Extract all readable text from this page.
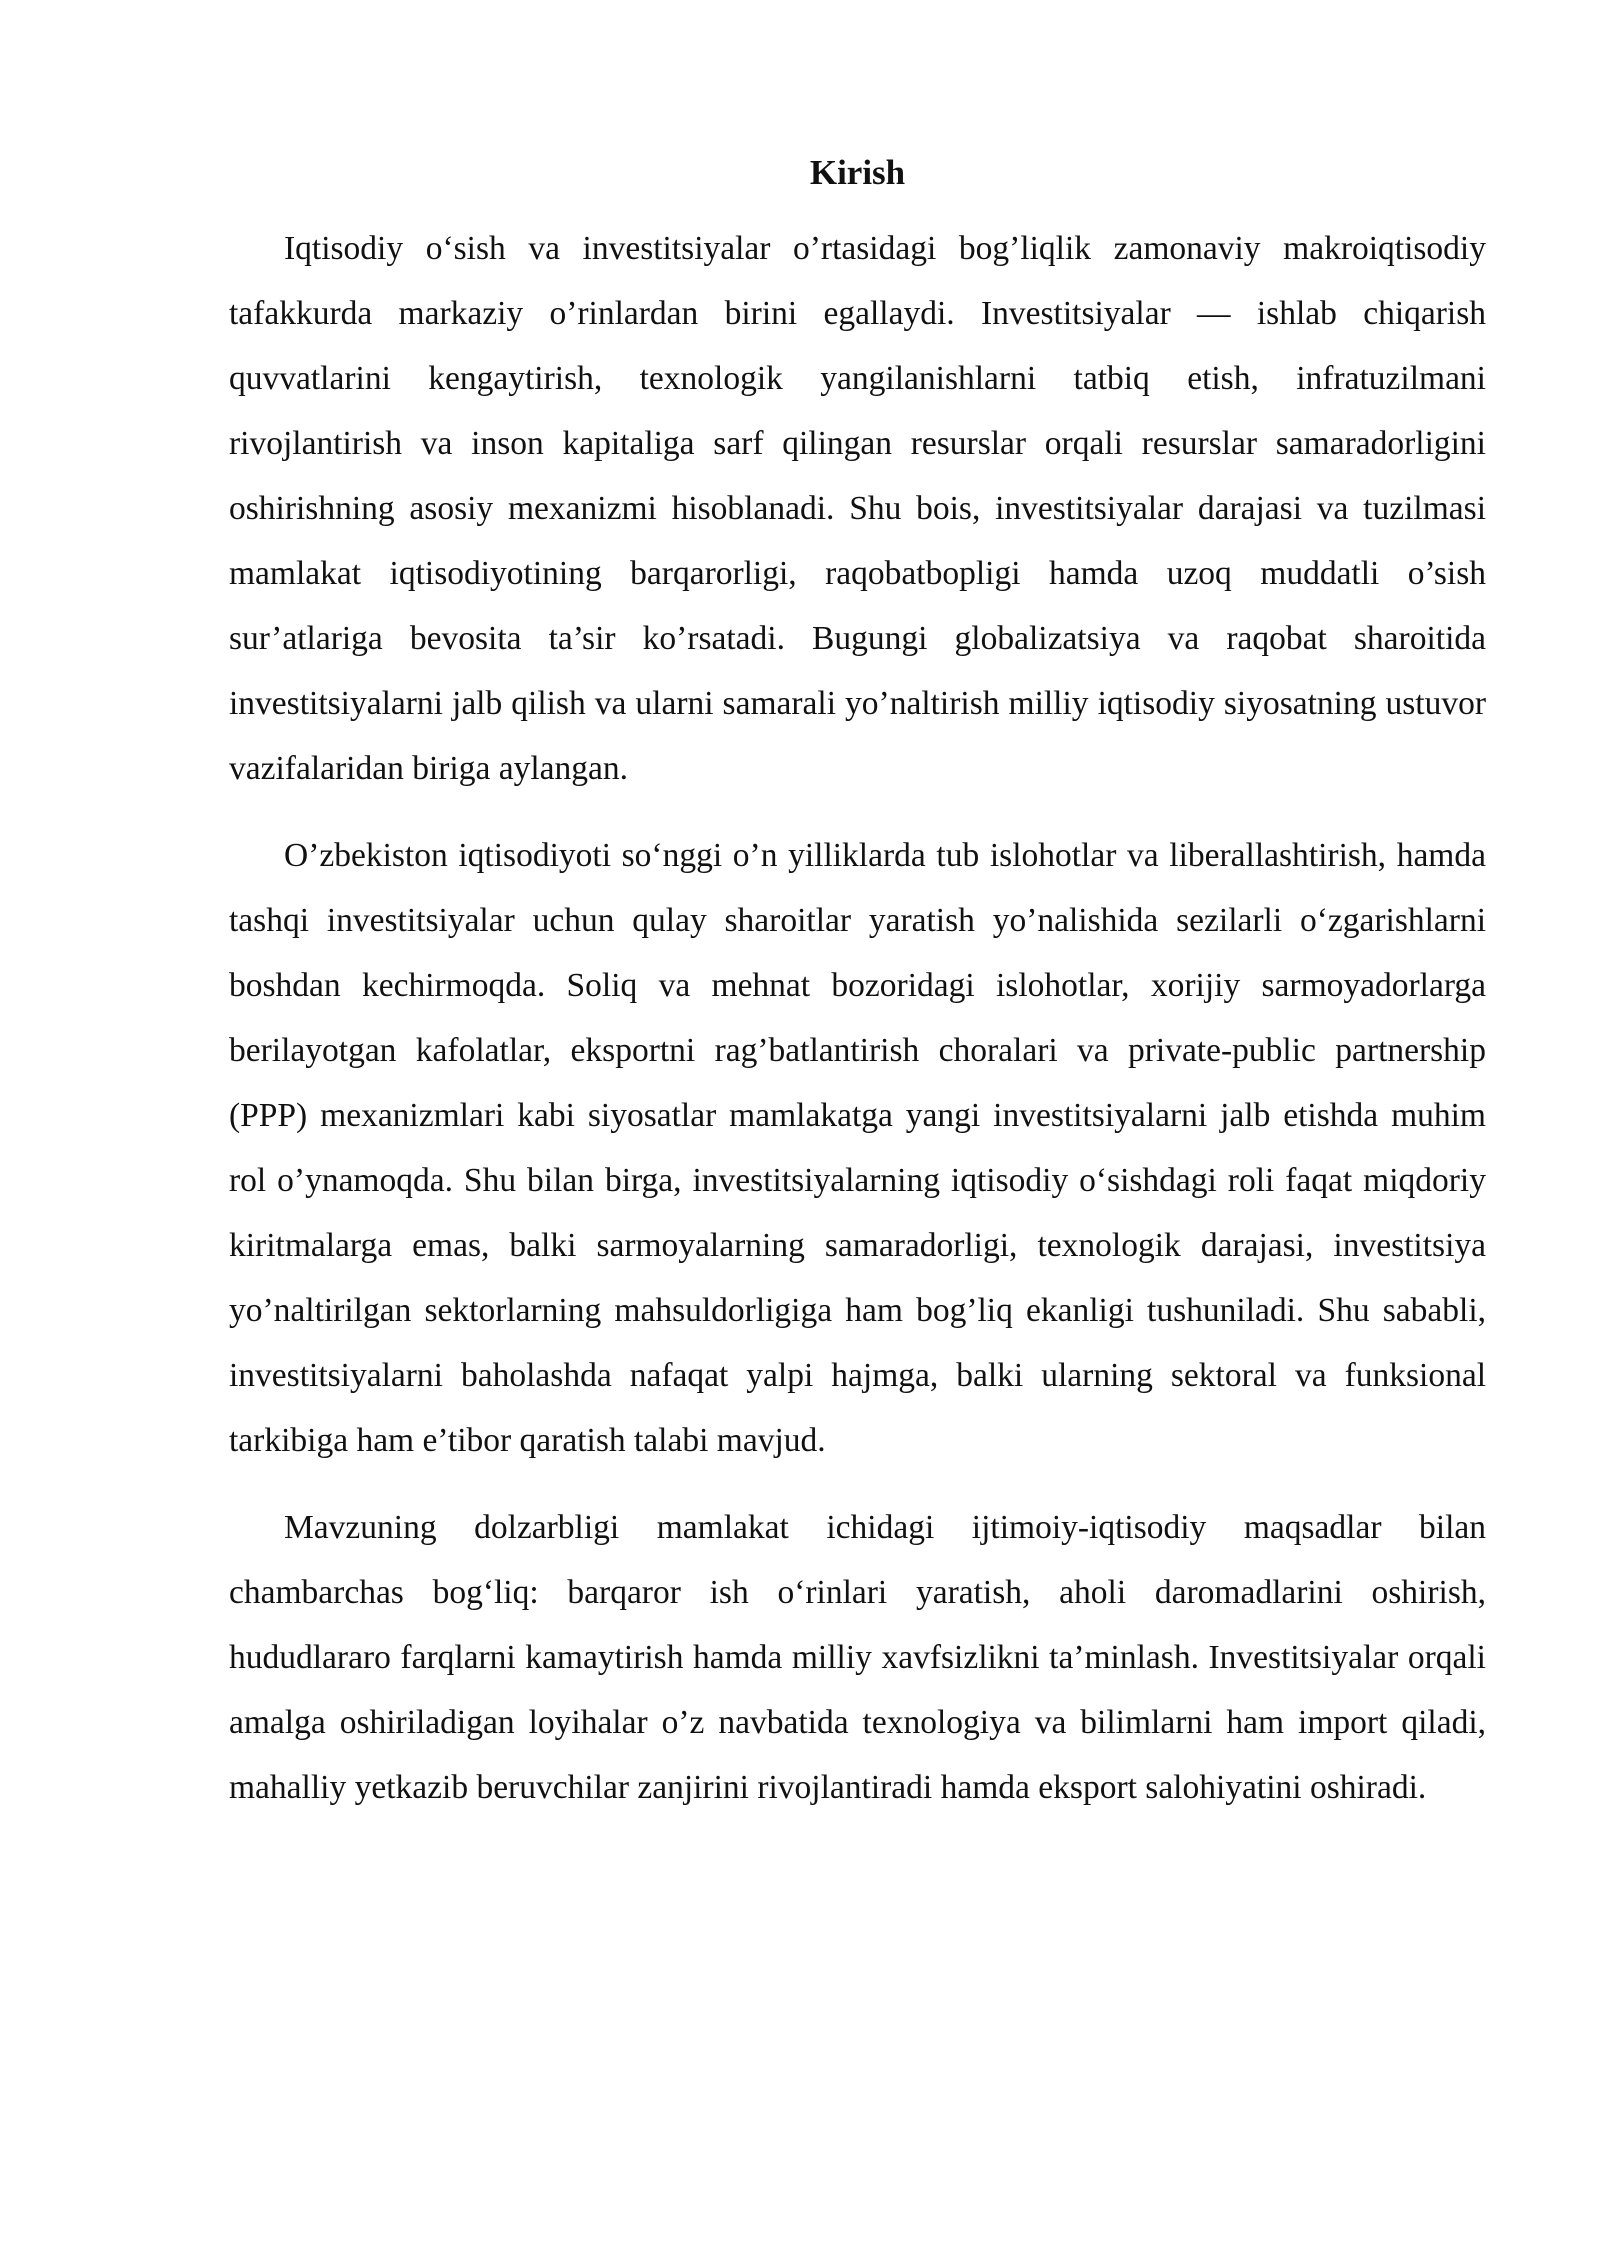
Kirish

Iqtisodiy o‘sish va investitsiyalar o’rtasidagi bog’liqlik zamonaviy makroiqtisodiy tafakkurda markaziy o’rinlardan birini egallaydi. Investitsiyalar — ishlab chiqarish quvvatlarini kengaytirish, texnologik yangilanishlarni tatbiq etish, infratuzilmani rivojlantirish va inson kapitaliga sarf qilingan resurslar orqali resurslar samaradorligini oshirishning asosiy mexanizmi hisoblanadi. Shu bois, investitsiyalar darajasi va tuzilmasi mamlakat iqtisodiyotining barqarorligi, raqobatbopligi hamda uzoq muddatli o’sish sur’atlariga bevosita ta’sir ko’rsatadi. Bugungi globalizatsiya va raqobat sharoitida investitsiyalarni jalb qilish va ularni samarali yo’naltirish milliy iqtisodiy siyosatning ustuvor vazifalaridan biriga aylangan.

O’zbekiston iqtisodiyoti so‘nggi o’n yilliklarda tub islohotlar va liberallashtirish, hamda tashqi investitsiyalar uchun qulay sharoitlar yaratish yo’nalishida sezilarli o‘zgarishlarni boshdan kechirmoqda. Soliq va mehnat bozoridagi islohotlar, xorijiy sarmoyadorlarga berilayotgan kafolatlar, eksportni rag’batlantirish choralari va private-public partnership (PPP) mexanizmlari kabi siyosatlar mamlakatga yangi investitsiyalarni jalb etishda muhim rol o’ynamoqda. Shu bilan birga, investitsiyalarning iqtisodiy o‘sishdagi roli faqat miqdoriy kiritmalarga emas, balki sarmoyalarning samaradorligi, texnologik darajasi, investitsiya yo’naltirilgan sektorlarning mahsuldorligiga ham bog’liq ekanligi tushuniladi. Shu sababli, investitsiyalarni baholashda nafaqat yalpi hajmga, balki ularning sektoral va funksional tarkibiga ham e’tibor qaratish talabi mavjud.

Mavzuning dolzarbligi mamlakat ichidagi ijtimoiy-iqtisodiy maqsadlar bilan chambarchas bog‘liq: barqaror ish o‘rinlari yaratish, aholi daromadlarini oshirish, hududlararo farqlarni kamaytirish hamda milliy xavfsizlikni ta’minlash. Investitsiyalar orqali amalga oshiriladigan loyihalar o’z navbatida texnologiya va bilimlarni ham import qiladi, mahalliy yetkazib beruvchilar zanjirini rivojlantiradi hamda eksport salohiyatini oshiradi.
